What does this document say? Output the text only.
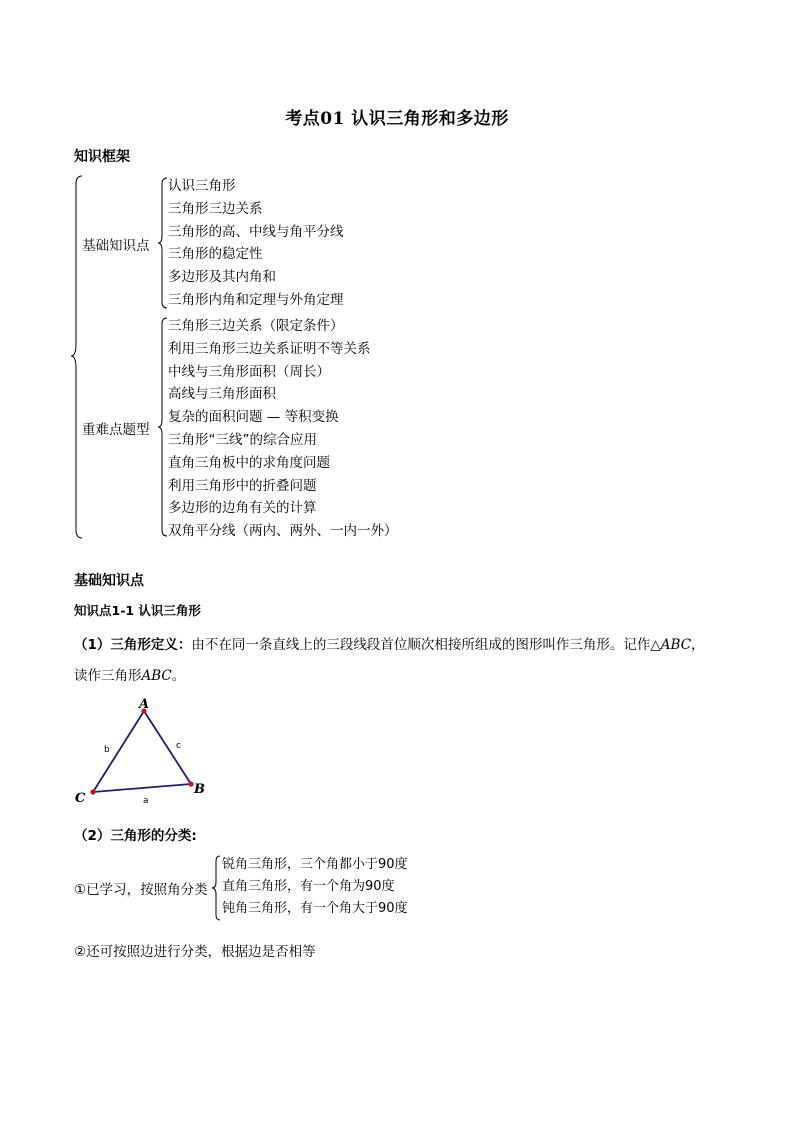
考点01 认识三角形和多边形
知识框架
基础知识点
重难点题型
认识三角形
三角形三边关系
三角形的高、中线与角平分线
三角形的稳定性
多边形及其内角和
三角形内角和定理与外角定理
三角形三边关系（限定条件）
利用三角形三边关系证明不等关系
中线与三角形面积（周长）
高线与三角形面积
复杂的面积问题 — 等积变换
三角形“三线”的综合应用
直角三角板中的求角度问题
利用三角形中的折叠问题
多边形的边角有关的计算
双角平分线（两内、两外、一内一外）
基础知识点
知识点1-1 认识三角形
（1）三角形定义：由不在同一条直线上的三段线段首位顺次相接所组成的图形叫作三角形。记作△ABC，
读作三角形ABC。
A
B
C
b	c
a
（2）三角形的分类:
①已学习，按照角分类
锐角三角形，三个角都小于90度
直角三角形，有一个角为90度
钝角三角形，有一个角大于90度
②还可按照边进行分类，根据边是否相等
